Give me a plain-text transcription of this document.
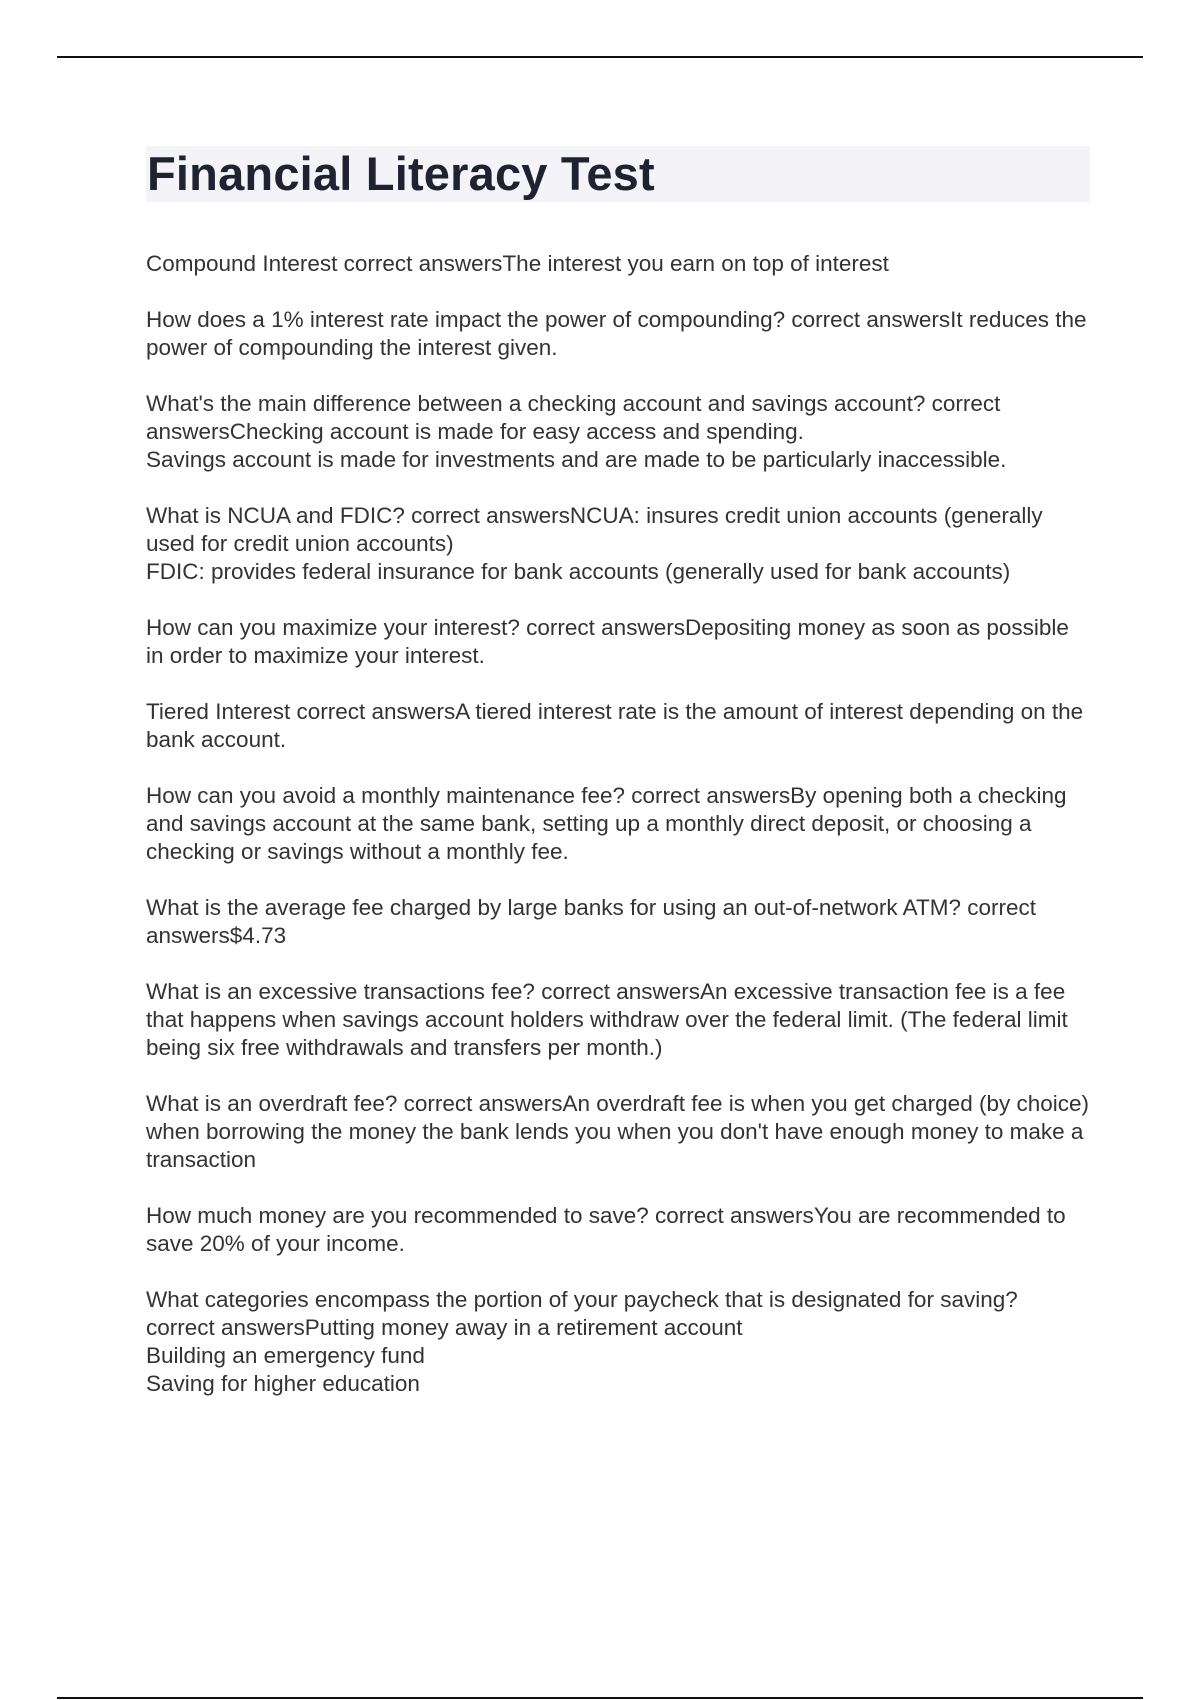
Financial Literacy Test
Compound Interest correct answersThe interest you earn on top of interest
How does a 1% interest rate impact the power of compounding? correct answersIt reduces the power of compounding the interest given.
What's the main difference between a checking account and savings account? correct answersChecking account is made for easy access and spending.
Savings account is made for investments and are made to be particularly inaccessible.
What is NCUA and FDIC? correct answersNCUA: insures credit union accounts (generally used for credit union accounts)
FDIC: provides federal insurance for bank accounts (generally used for bank accounts)
How can you maximize your interest? correct answersDepositing money as soon as possible in order to maximize your interest.
Tiered Interest correct answersA tiered interest rate is the amount of interest depending on the bank account.
How can you avoid a monthly maintenance fee? correct answersBy opening both a checking and savings account at the same bank, setting up a monthly direct deposit, or choosing a checking or savings without a monthly fee.
What is the average fee charged by large banks for using an out-of-network ATM? correct answers$4.73
What is an excessive transactions fee? correct answersAn excessive transaction fee is a fee that happens when savings account holders withdraw over the federal limit. (The federal limit being six free withdrawals and transfers per month.)
What is an overdraft fee? correct answersAn overdraft fee is when you get charged (by choice) when borrowing the money the bank lends you when you don't have enough money to make a transaction
How much money are you recommended to save? correct answersYou are recommended to save 20% of your income.
What categories encompass the portion of your paycheck that is designated for saving? correct answersPutting money away in a retirement account
Building an emergency fund
Saving for higher education
